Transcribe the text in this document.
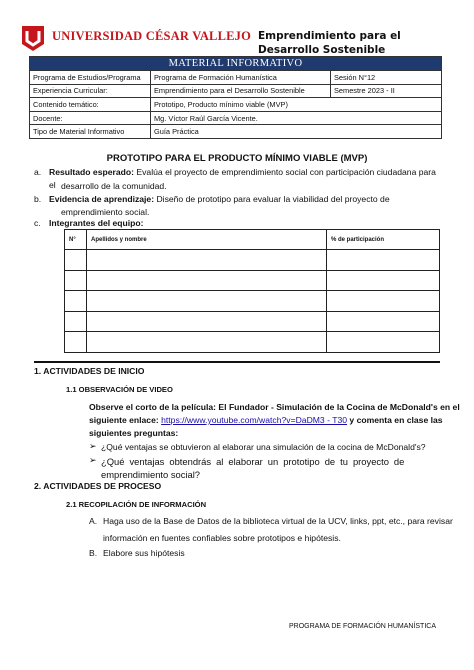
UNIVERSIDAD CÉSAR VALLEJO Emprendimiento para el Desarrollo Sostenible
MATERIAL INFORMATIVO		
Programa de Estudios/Programa	Programa de Formación Humanística	Sesión N°12
Experiencia Curricular:	Emprendimiento para el Desarrollo Sostenible	Semestre 2023 - II
Contenido temático:	Prototipo, Producto mínimo viable (MVP)	
Docente:	Mg. Víctor Raúl García Vicente.	
Tipo de Material Informativo	Guía Práctica	
PROTOTIPO PARA EL PRODUCTO MÍNIMO VIABLE (MVP)
a. Resultado esperado: Evalúa el proyecto de emprendimiento social con participación ciudadana para el desarrollo de la comunidad.
b. Evidencia de aprendizaje: Diseño de prototipo para evaluar la viabilidad del proyecto de
emprendimiento social.
c. Integrantes del equipo:
N°	Apellidos y nombre	% de participación

1. ACTIVIDADES DE INICIO
1.1 OBSERVACIÓN DE VIDEO
Observe el corto de la película: El Fundador - Simulación de la Cocina de McDonald's en el
siguiente enlace: https://www.youtube.com/watch?v=DaDM3 - T30 y comenta en clase las
siguientes preguntas:
➢ ¿Qué ventajas se obtuvieron al elaborar una simulación de la cocina de McDonald's?
➢ ¿Qué ventajas obtendrás al elaborar un prototipo de tu proyecto de
emprendimiento social?
2. ACTIVIDADES DE PROCESO
2.1 RECOPILACIÓN DE INFORMACIÓN
A. Haga uso de la Base de Datos de la biblioteca virtual de la UCV, links, ppt, etc., para revisar
información en fuentes confiables sobre prototipos e hipótesis.
B. Elabore sus hipótesis
PROGRAMA DE FORMACIÓN HUMANÍSTICA
